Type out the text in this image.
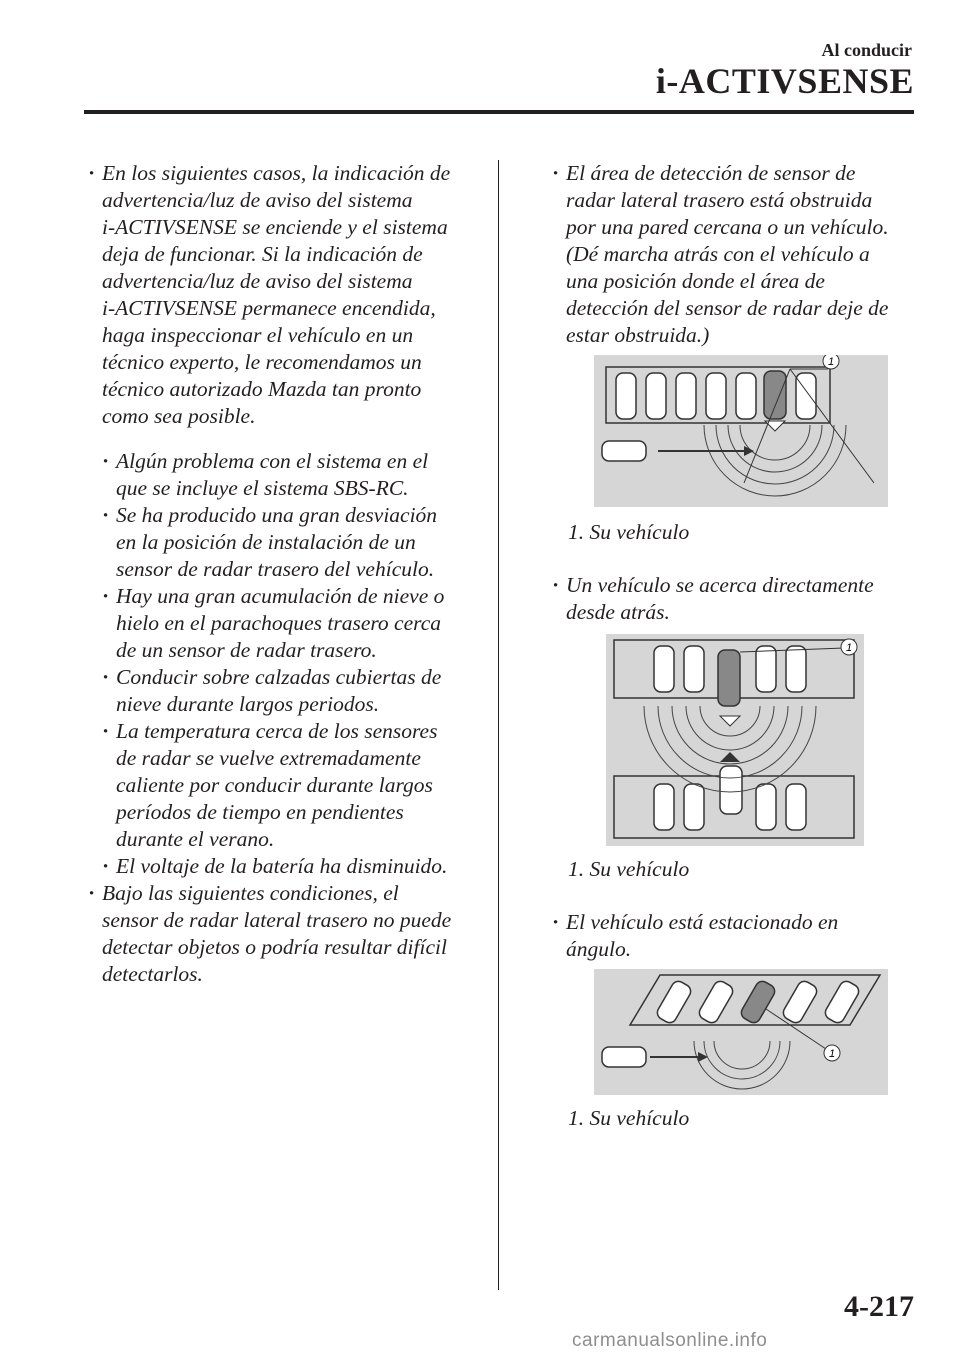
Al conducir
i-ACTIVSENSE

· En los siguientes casos, la indicación de
advertencia/luz de aviso del sistema
i-ACTIVSENSE se enciende y el sistema
deja de funcionar. Si la indicación de
advertencia/luz de aviso del sistema
i-ACTIVSENSE permanece encendida,
haga inspeccionar el vehículo en un
técnico experto, le recomendamos un
técnico autorizado Mazda tan pronto
como sea posible.

· Algún problema con el sistema en el
que se incluye el sistema SBS-RC.

· Se ha producido una gran desviación
en la posición de instalación de un
sensor de radar trasero del vehículo.

· Hay una gran acumulación de nieve o
hielo en el parachoques trasero cerca
de un sensor de radar trasero.

· Conducir sobre calzadas cubiertas de
nieve durante largos periodos.

· La temperatura cerca de los sensores
de radar se vuelve extremadamente
caliente por conducir durante largos
períodos de tiempo en pendientes
durante el verano.

· El voltaje de la batería ha disminuido.

· Bajo las siguientes condiciones, el
sensor de radar lateral trasero no puede
detectar objetos o podría resultar difícil
detectarlos.

· El área de detección de sensor de
radar lateral trasero está obstruida
por una pared cercana o un vehículo.
(Dé marcha atrás con el vehículo a
una posición donde el área de
detección del sensor de radar deje de
estar obstruida.)

1
1. Su vehículo

· Un vehículo se acerca directamente
desde atrás.

1
1. Su vehículo

· El vehículo está estacionado en
ángulo.

1
1. Su vehículo
4-217
carmanualsonline.info
